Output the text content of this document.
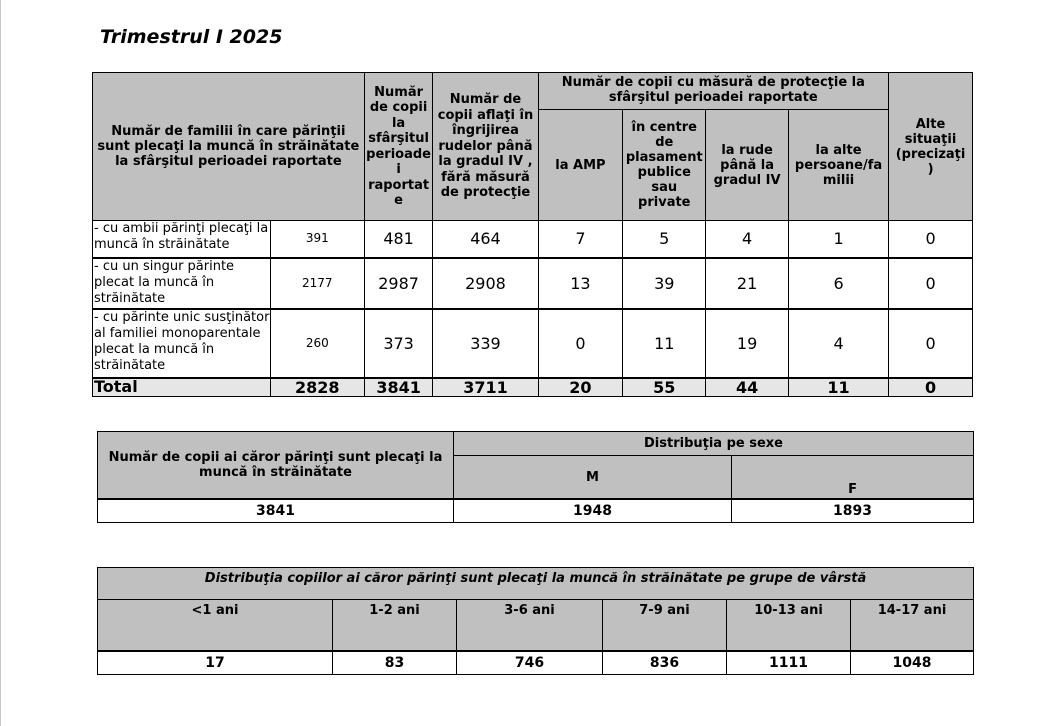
Trimestrul I 2025
Număr de familii în care părinţii sunt plecaţi la muncă în străinătate
la sfârşitul perioadei raportate		Număr de copii la sfârşitul perioade i raportat e	Număr de copii aflaţi în îngrijirea rudelor până la gradul IV , fără măsură de protecţie	Număr de copii cu măsură de protecţie la sfârşitul perioadei raportate				Alte situaţii (precizaţi )
				la AMP	în centre de plasament publice sau private	la rude până la gradul IV	la alte persoane/fa milii	
- cu ambii părinţi plecaţi la muncă în străinătate	391	481	464	7	5	4	1	0
- cu un singur părinte plecat la muncă în străinătate	2177	2987	2908	13	39	21	6	0
- cu părinte unic susţinător al familiei monoparentale plecat la muncă în străinătate	260	373	339	0	11	19	4	0
Total	2828	3841	3711	20	55	44	11	0
Număr de copii ai căror părinţi sunt plecaţi la muncă în străinătate	Distribuţia pe sexe	
	M	F
3841	1948	1893
Distribuţia copiilor ai căror părinţi sunt plecaţi la muncă în străinătate pe grupe de vârstă					
<1 ani	1-2 ani	3-6 ani	7-9 ani	10-13 ani	14-17 ani
17	83	746	836	1111	1048
